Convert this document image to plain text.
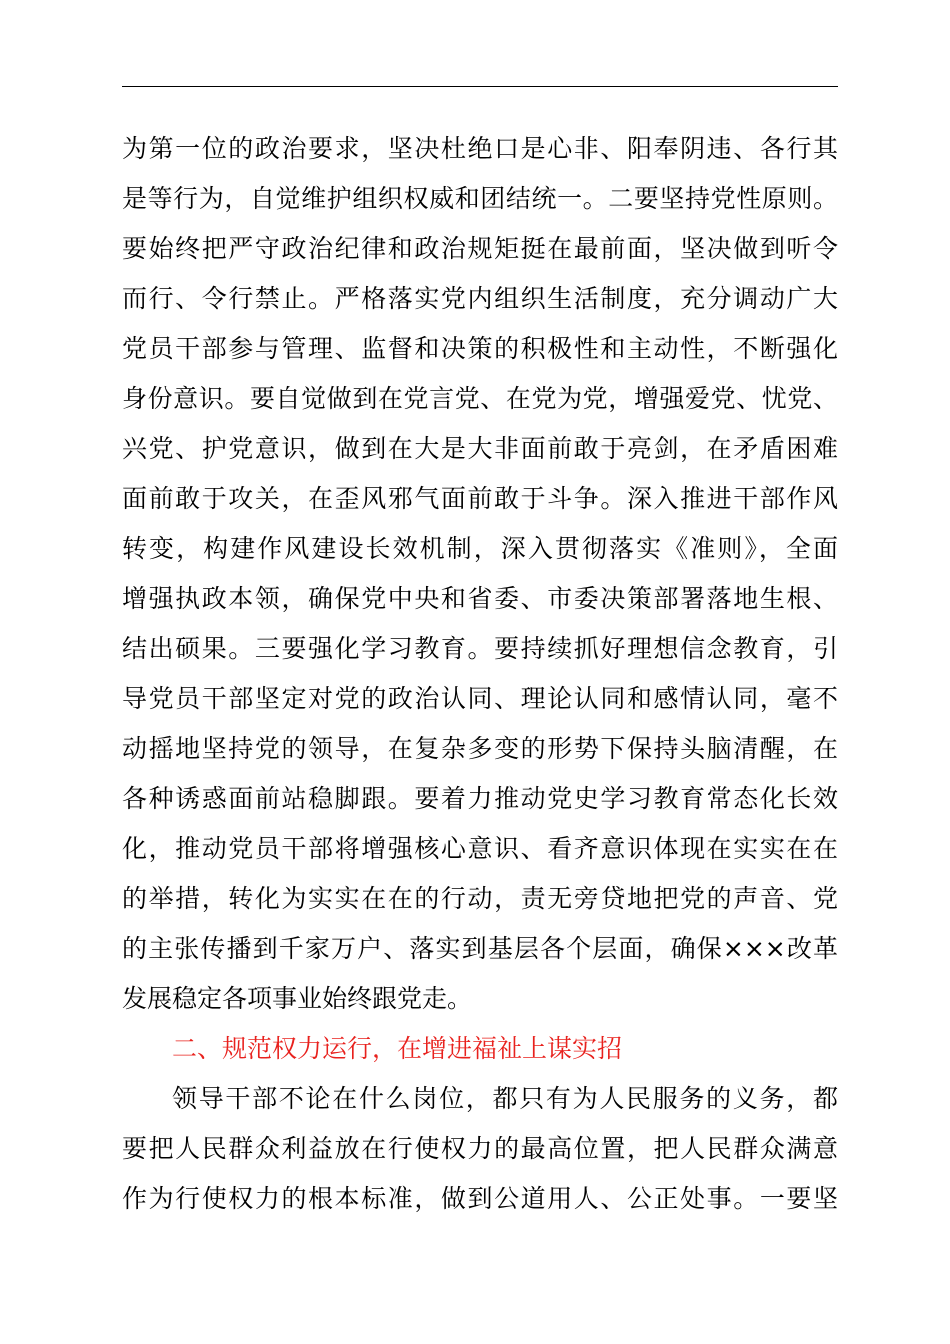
为第一位的政治要求，坚决杜绝口是心非、阳奉阴违、各行其
是等行为，自觉维护组织权威和团结统一。二要坚持党性原则。
要始终把严守政治纪律和政治规矩挺在最前面，坚决做到听令
而行、令行禁止。严格落实党内组织生活制度，充分调动广大
党员干部参与管理、监督和决策的积极性和主动性，不断强化
身份意识。要自觉做到在党言党、在党为党，增强爱党、忧党、
兴党、护党意识，做到在大是大非面前敢于亮剑，在矛盾困难
面前敢于攻关，在歪风邪气面前敢于斗争。深入推进干部作风
转变，构建作风建设长效机制，深入贯彻落实《准则》，全面
增强执政本领，确保党中央和省委、市委决策部署落地生根、
结出硕果。三要强化学习教育。要持续抓好理想信念教育，引
导党员干部坚定对党的政治认同、理论认同和感情认同，毫不
动摇地坚持党的领导，在复杂多变的形势下保持头脑清醒，在
各种诱惑面前站稳脚跟。要着力推动党史学习教育常态化长效
化，推动党员干部将增强核心意识、看齐意识体现在实实在在
的举措，转化为实实在在的行动，责无旁贷地把党的声音、党
的主张传播到千家万户、落实到基层各个层面，确保×××改革
发展稳定各项事业始终跟党走。
二、规范权力运行，在增进福祉上谋实招
领导干部不论在什么岗位，都只有为人民服务的义务，都
要把人民群众利益放在行使权力的最高位置，把人民群众满意
作为行使权力的根本标准，做到公道用人、公正处事。一要坚
